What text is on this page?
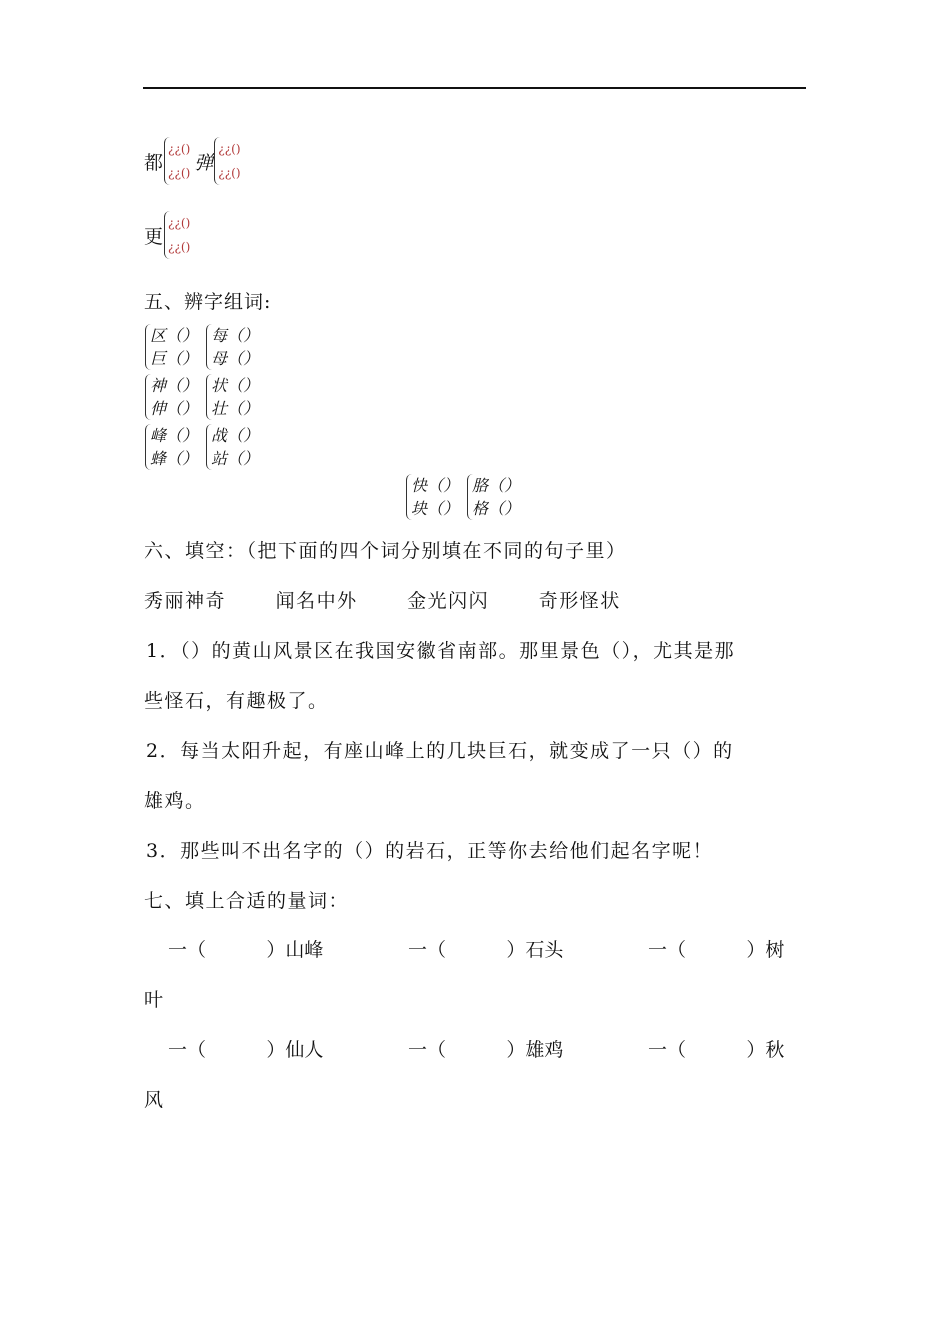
都
¿¿()
¿¿() 弹
¿¿()
¿¿()
更
¿¿()
¿¿()
五、辨字组词:
区（）
巨（）
每（）
母（）
神（）
伸（）
状（）
壮（）
峰（）
蜂（）
战（）
站（）
快（）
块（）
胳（）
格（）
六、填空：（把下面的四个词分别填在不同的句子里）
秀丽神奇	闻名中外	金光闪闪	奇形怪状
1．（）的黄山风景区在我国安徽省南部。那里景色（），尤其是那
些怪石，有趣极了。
2．每当太阳升起，有座山峰上的几块巨石，就变成了一只（）的
雄鸡。
3．那些叫不出名字的（）的岩石，正等你去给他们起名字呢！
七、填上合适的量词：
一（          ）山峰	一（          ）石头	一（          ）树
叶
一（          ）仙人	一（          ）雄鸡	一（          ）秋
风
